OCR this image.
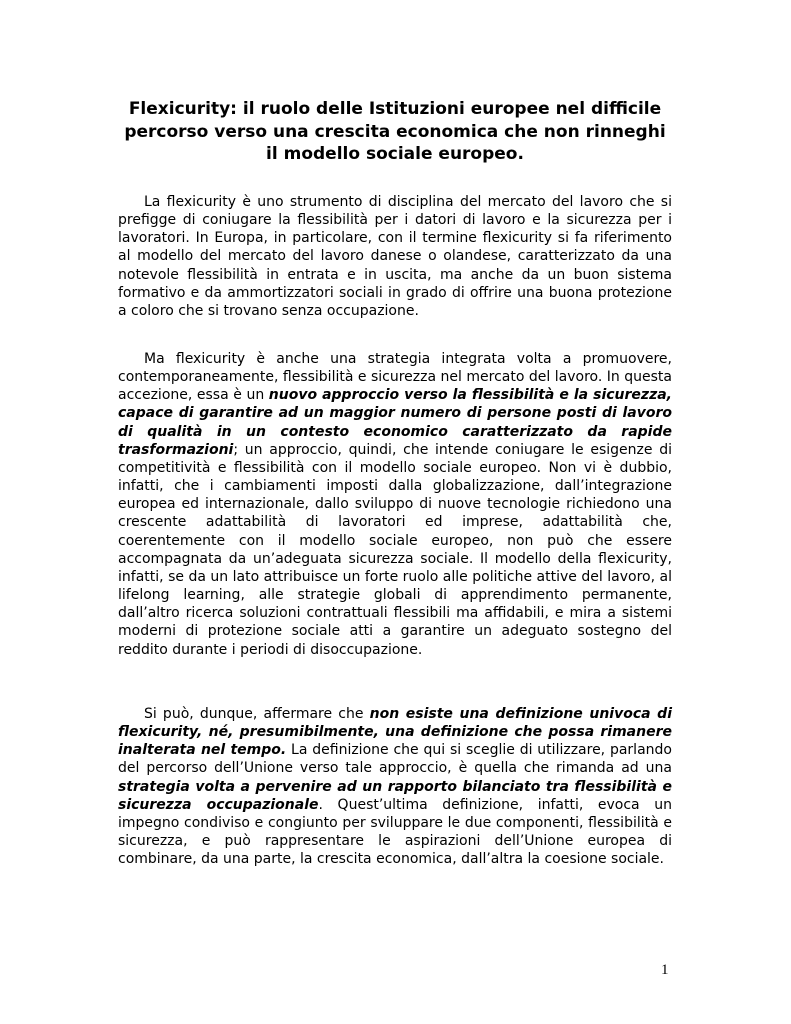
Flexicurity: il ruolo delle Istituzioni europee nel difficile percorso verso una crescita economica che non rinneghi il modello sociale europeo.

La flexicurity è uno strumento di disciplina del mercato del lavoro che si prefigge di coniugare la flessibilità per i datori di lavoro e la sicurezza per i lavoratori. In Europa, in particolare, con il termine flexicurity si fa riferimento al modello del mercato del lavoro danese o olandese, caratterizzato da una notevole flessibilità in entrata e in uscita, ma anche da un buon sistema formativo e da ammortizzatori sociali in grado di offrire una buona protezione a coloro che si trovano senza occupazione.

Ma flexicurity è anche una strategia integrata volta a promuovere, contemporaneamente, flessibilità e sicurezza nel mercato del lavoro. In questa accezione, essa è un nuovo approccio verso la flessibilità e la sicurezza, capace di garantire ad un maggior numero di persone posti di lavoro di qualità in un contesto economico caratterizzato da rapide trasformazioni; un approccio, quindi, che intende coniugare le esigenze di competitività e flessibilità con il modello sociale europeo. Non vi è dubbio, infatti, che i cambiamenti imposti dalla globalizzazione, dall’integrazione europea ed internazionale, dallo sviluppo di nuove tecnologie richiedono una crescente adattabilità di lavoratori ed imprese, adattabilità che, coerentemente con il modello sociale europeo, non può che essere accompagnata da un’adeguata sicurezza sociale. Il modello della flexicurity, infatti, se da un lato attribuisce un forte ruolo alle politiche attive del lavoro, al lifelong learning, alle strategie globali di apprendimento permanente, dall’altro ricerca soluzioni contrattuali flessibili ma affidabili, e mira a sistemi moderni di protezione sociale atti a garantire un adeguato sostegno del reddito durante i periodi di disoccupazione.

Si può, dunque, affermare che non esiste una definizione univoca di flexicurity, né, presumibilmente, una definizione che possa rimanere inalterata nel tempo. La definizione che qui si sceglie di utilizzare, parlando del percorso dell’Unione verso tale approccio, è quella che rimanda ad una strategia volta a pervenire ad un rapporto bilanciato tra flessibilità e sicurezza occupazionale. Quest’ultima definizione, infatti, evoca un impegno condiviso e congiunto per sviluppare le due componenti, flessibilità e sicurezza, e può rappresentare le aspirazioni dell’Unione europea di combinare, da una parte, la crescita economica, dall’altra la coesione sociale.

1
